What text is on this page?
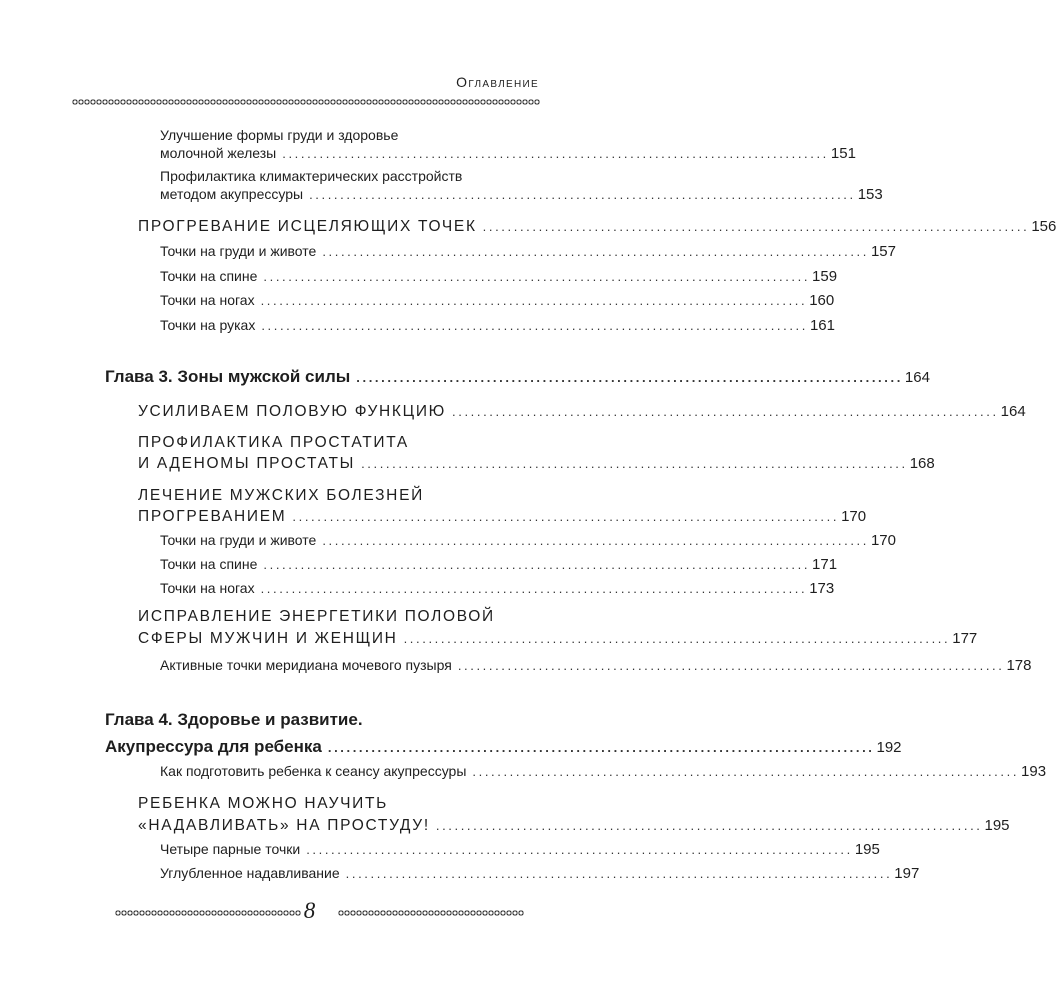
Оглавление
Улучшение формы груди и здоровье
молочной железы ........................................................................................ 151
Профилактика климактерических расстройств
методом акупрессуры ........................................................................................ 153
ПРОГРЕВАНИЕ ИСЦЕЛЯЮЩИХ ТОЧЕК ........................................................................................ 156
Точки на груди и животе ........................................................................................ 157
Точки на спине ........................................................................................ 159
Точки на ногах ........................................................................................ 160
Точки на руках ........................................................................................ 161
Глава 3. Зоны мужской силы ........................................................................................ 164
УСИЛИВАЕМ ПОЛОВУЮ ФУНКЦИЮ ........................................................................................ 164
ПРОФИЛАКТИКА ПРОСТАТИТА
И АДЕНОМЫ ПРОСТАТЫ ........................................................................................ 168
ЛЕЧЕНИЕ МУЖСКИХ БОЛЕЗНЕЙ
ПРОГРЕВАНИЕМ ........................................................................................ 170
Точки на груди и животе ........................................................................................ 170
Точки на спине ........................................................................................ 171
Точки на ногах ........................................................................................ 173
ИСПРАВЛЕНИЕ ЭНЕРГЕТИКИ ПОЛОВОЙ
СФЕРЫ МУЖЧИН И ЖЕНЩИН ........................................................................................ 177
Активные точки меридиана мочевого пузыря ........................................................................................ 178
Глава 4. Здоровье и развитие.
Акупрессура для ребенка ........................................................................................ 192
Как подготовить ребенка к сеансу акупрессуры ........................................................................................ 193
РЕБЕНКА МОЖНО НАУЧИТЬ
«НАДАВЛИВАТЬ» НА ПРОСТУДУ! ........................................................................................ 195
Четыре парные точки ........................................................................................ 195
Углубленное надавливание ........................................................................................ 197
8
